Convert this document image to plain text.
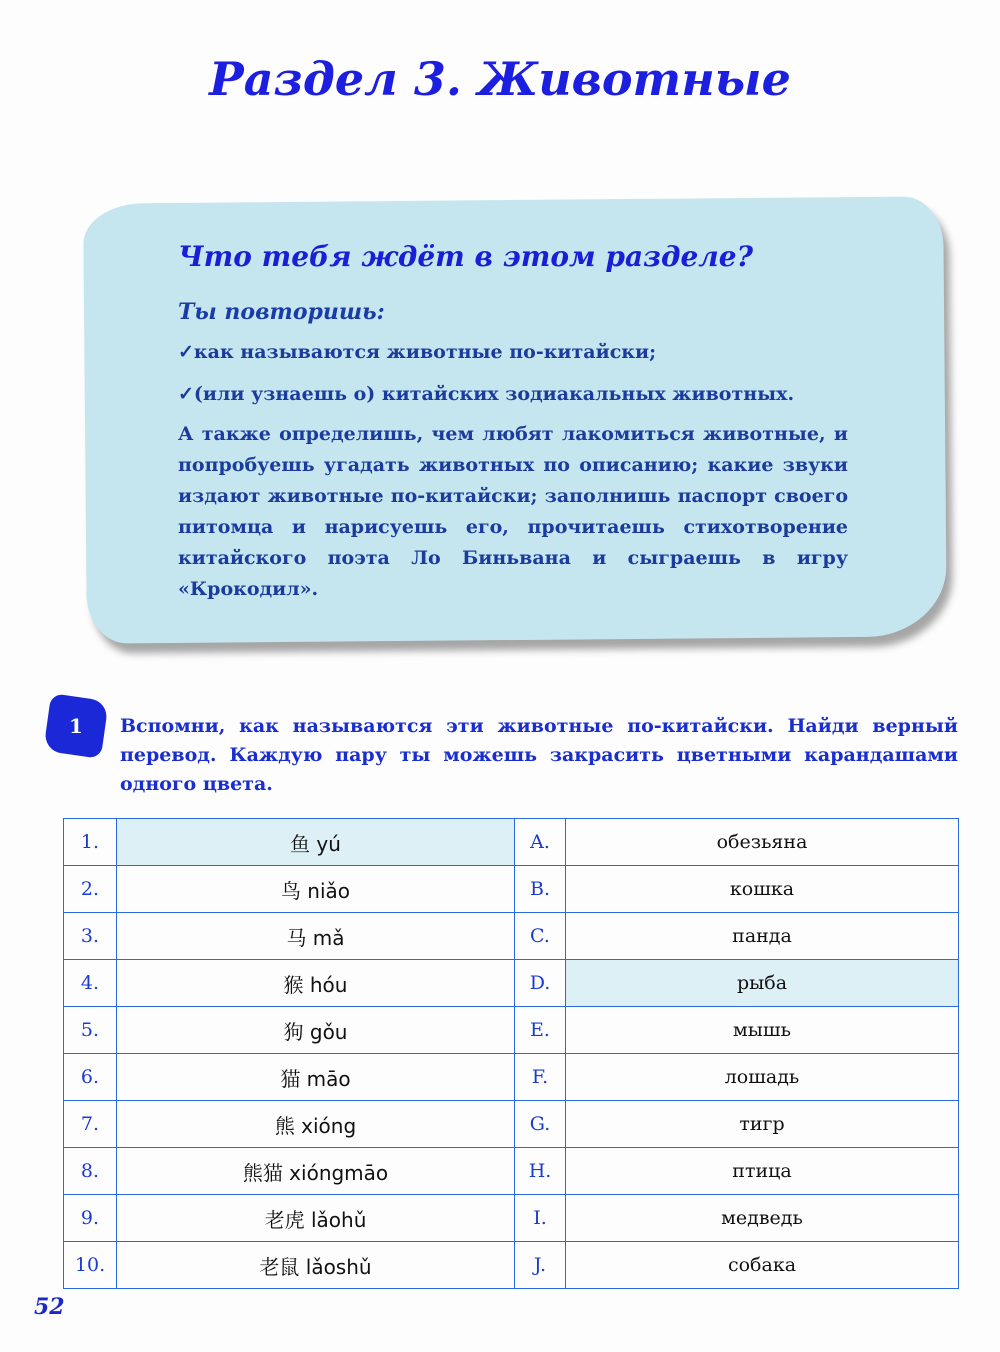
Раздел 3. Животные
Что тебя ждёт в этом разделе?
Ты повторишь:
✓как называются животные по-китайски;
✓(или узнаешь о) китайских зодиакальных животных.
А также определишь, чем любят лакомиться животные, и попробуешь угадать животных по описанию; какие звуки издают животные по-китайски; заполнишь паспорт своего питомца и нарисуешь его, прочитаешь стихотворение китайского поэта Ло Биньвана и сыграешь в игру «Крокодил».
1 Вспомни, как называются эти животные по-китайски. Найди верный перевод. Каждую пару ты можешь закрасить цветными карандашами одного цвета.
1.	鱼 yú	A.	обезьяна
2.	鸟 niǎo	B.	кошка
3.	马 mǎ	C.	панда
4.	猴 hóu	D.	рыба
5.	狗 gǒu	E.	мышь
6.	猫 māo	F.	лошадь
7.	熊 xióng	G.	тигр
8.	熊猫 xióngmāo	H.	птица
9.	老虎 lǎohǔ	I.	медведь
10.	老鼠 lǎoshǔ	J.	собака
52
